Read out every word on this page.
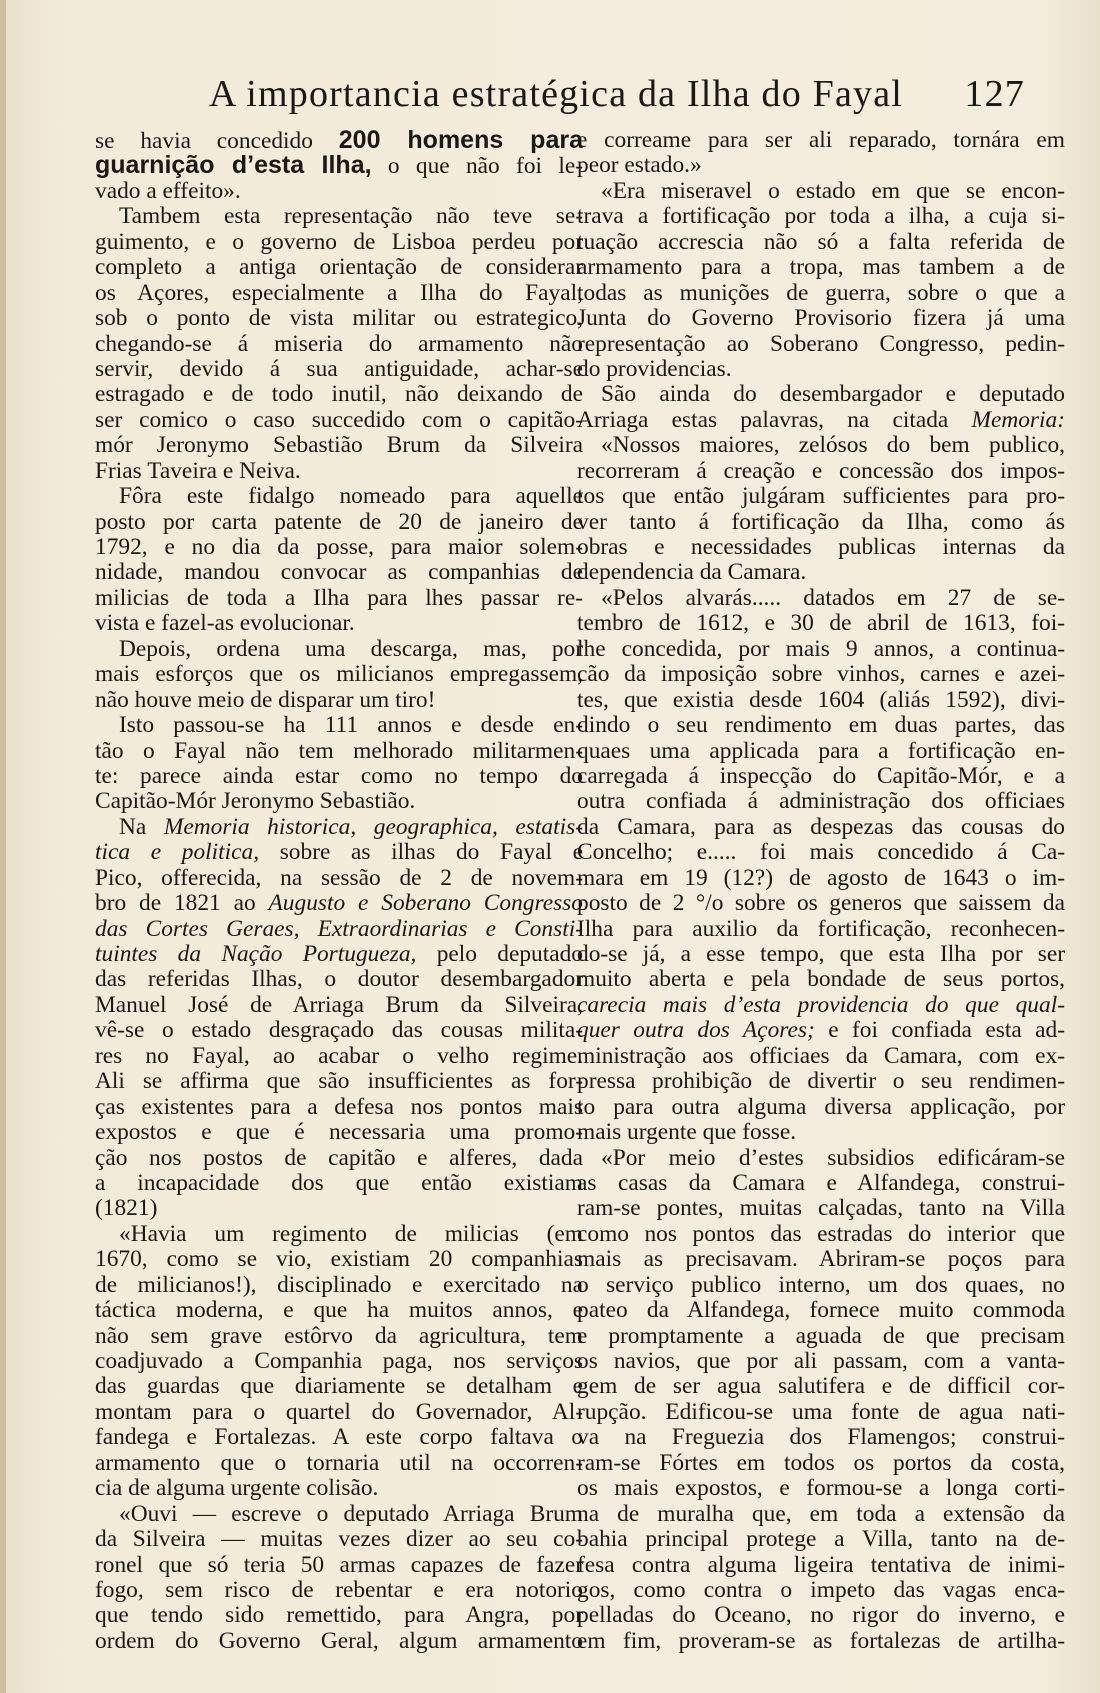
A importancia estratégica da Ilha do Fayal 127
se havia concedido 200 homens para
guarnição d’esta Ilha, o que não foi le-
vado a effeito».
Tambem esta representação não teve se-
guimento, e o governo de Lisboa perdeu por
completo a antiga orientação de considerar
os Açores, especialmente a Ilha do Fayal,
sob o ponto de vista militar ou estrategico,
chegando-se á miseria do armamento não
servir, devido á sua antiguidade, achar-se
estragado e de todo inutil, não deixando de
ser comico o caso succedido com o capitão-
mór Jeronymo Sebastião Brum da Silveira
Frias Taveira e Neiva.
Fôra este fidalgo nomeado para aquelle
posto por carta patente de 20 de janeiro de
1792, e no dia da posse, para maior solem-
nidade, mandou convocar as companhias de
milicias de toda a Ilha para lhes passar re-
vista e fazel-as evolucionar.
Depois, ordena uma descarga, mas, por
mais esforços que os milicianos empregassem,
não houve meio de disparar um tiro!
Isto passou-se ha 111 annos e desde en-
tão o Fayal não tem melhorado militarmen-
te: parece ainda estar como no tempo do
Capitão-Mór Jeronymo Sebastião.
Na Memoria historica, geographica, estatis-
tica e politica, sobre as ilhas do Fayal e
Pico, offerecida, na sessão de 2 de novem-
bro de 1821 ao Augusto e Soberano Congresso
das Cortes Geraes, Extraordinarias e Consti-
tuintes da Nação Portugueza, pelo deputado
das referidas Ilhas, o doutor desembargador
Manuel José de Arriaga Brum da Silveira,
vê-se o estado desgraçado das cousas milita-
res no Fayal, ao acabar o velho regime.
Ali se affirma que são insufficientes as for-
ças existentes para a defesa nos pontos mais
expostos e que é necessaria uma promo-
ção nos postos de capitão e alferes, dada
a incapacidade dos que então existiam
(1821)
«Havia um regimento de milicias (em
1670, como se vio, existiam 20 companhias
de milicianos!), disciplinado e exercitado na
táctica moderna, e que ha muitos annos, e
não sem grave estôrvo da agricultura, tem
coadjuvado a Companhia paga, nos serviços
das guardas que diariamente se detalham e
montam para o quartel do Governador, Al-
fandega e Fortalezas. A este corpo faltava o
armamento que o tornaria util na occorren-
cia de alguma urgente colisão.
«Ouvi — escreve o deputado Arriaga Brum
da Silveira — muitas vezes dizer ao seu co-
ronel que só teria 50 armas capazes de fazer
fogo, sem risco de rebentar e era notorio
que tendo sido remettido, para Angra, por
ordem do Governo Geral, algum armamento
e correame para ser ali reparado, tornára em
peor estado.»
«Era miseravel o estado em que se encon-
trava a fortificação por toda a ilha, a cuja si-
tuação accrescia não só a falta referida de
armamento para a tropa, mas tambem a de
todas as munições de guerra, sobre o que a
Junta do Governo Provisorio fizera já uma
representação ao Soberano Congresso, pedin-
do providencias.
São ainda do desembargador e deputado
Arriaga estas palavras, na citada Memoria:
«Nossos maiores, zelósos do bem publico,
recorreram á creação e concessão dos impos-
tos que então julgáram sufficientes para pro-
ver tanto á fortificação da Ilha, como ás
obras e necessidades publicas internas da
dependencia da Camara.
«Pelos alvarás..... datados em 27 de se-
tembro de 1612, e 30 de abril de 1613, foi-
lhe concedida, por mais 9 annos, a continua-
cão da imposição sobre vinhos, carnes e azei-
tes, que existia desde 1604 (aliás 1592), divi-
dindo o seu rendimento em duas partes, das
quaes uma applicada para a fortificação en-
carregada á inspecção do Capitão-Mór, e a
outra confiada á administração dos officiaes
da Camara, para as despezas das cousas do
Concelho; e..... foi mais concedido á Ca-
mara em 19 (12?) de agosto de 1643 o im-
posto de 2 °/o sobre os generos que saissem da
Ilha para auxilio da fortificação, reconhecen-
do-se já, a esse tempo, que esta Ilha por ser
muito aberta e pela bondade de seus portos,
carecia mais d’esta providencia do que qual-
quer outra dos Açores; e foi confiada esta ad-
ministração aos officiaes da Camara, com ex-
pressa prohibição de divertir o seu rendimen-
to para outra alguma diversa applicação, por
mais urgente que fosse.
«Por meio d’estes subsidios edificáram-se
as casas da Camara e Alfandega, construi-
ram-se pontes, muitas calçadas, tanto na Villa
como nos pontos das estradas do interior que
mais as precisavam. Abriram-se poços para
o serviço publico interno, um dos quaes, no
pateo da Alfandega, fornece muito commoda
e promptamente a aguada de que precisam
os navios, que por ali passam, com a vanta-
gem de ser agua salutifera e de difficil cor-
rupção. Edificou-se uma fonte de agua nati-
va na Freguezia dos Flamengos; construi-
ram-se Fórtes em todos os portos da costa,
os mais expostos, e formou-se a longa corti-
na de muralha que, em toda a extensão da
bahia principal protege a Villa, tanto na de-
fesa contra alguma ligeira tentativa de inimi-
gos, como contra o impeto das vagas enca-
pelladas do Oceano, no rigor do inverno, e
em fim, proveram-se as fortalezas de artilha-
